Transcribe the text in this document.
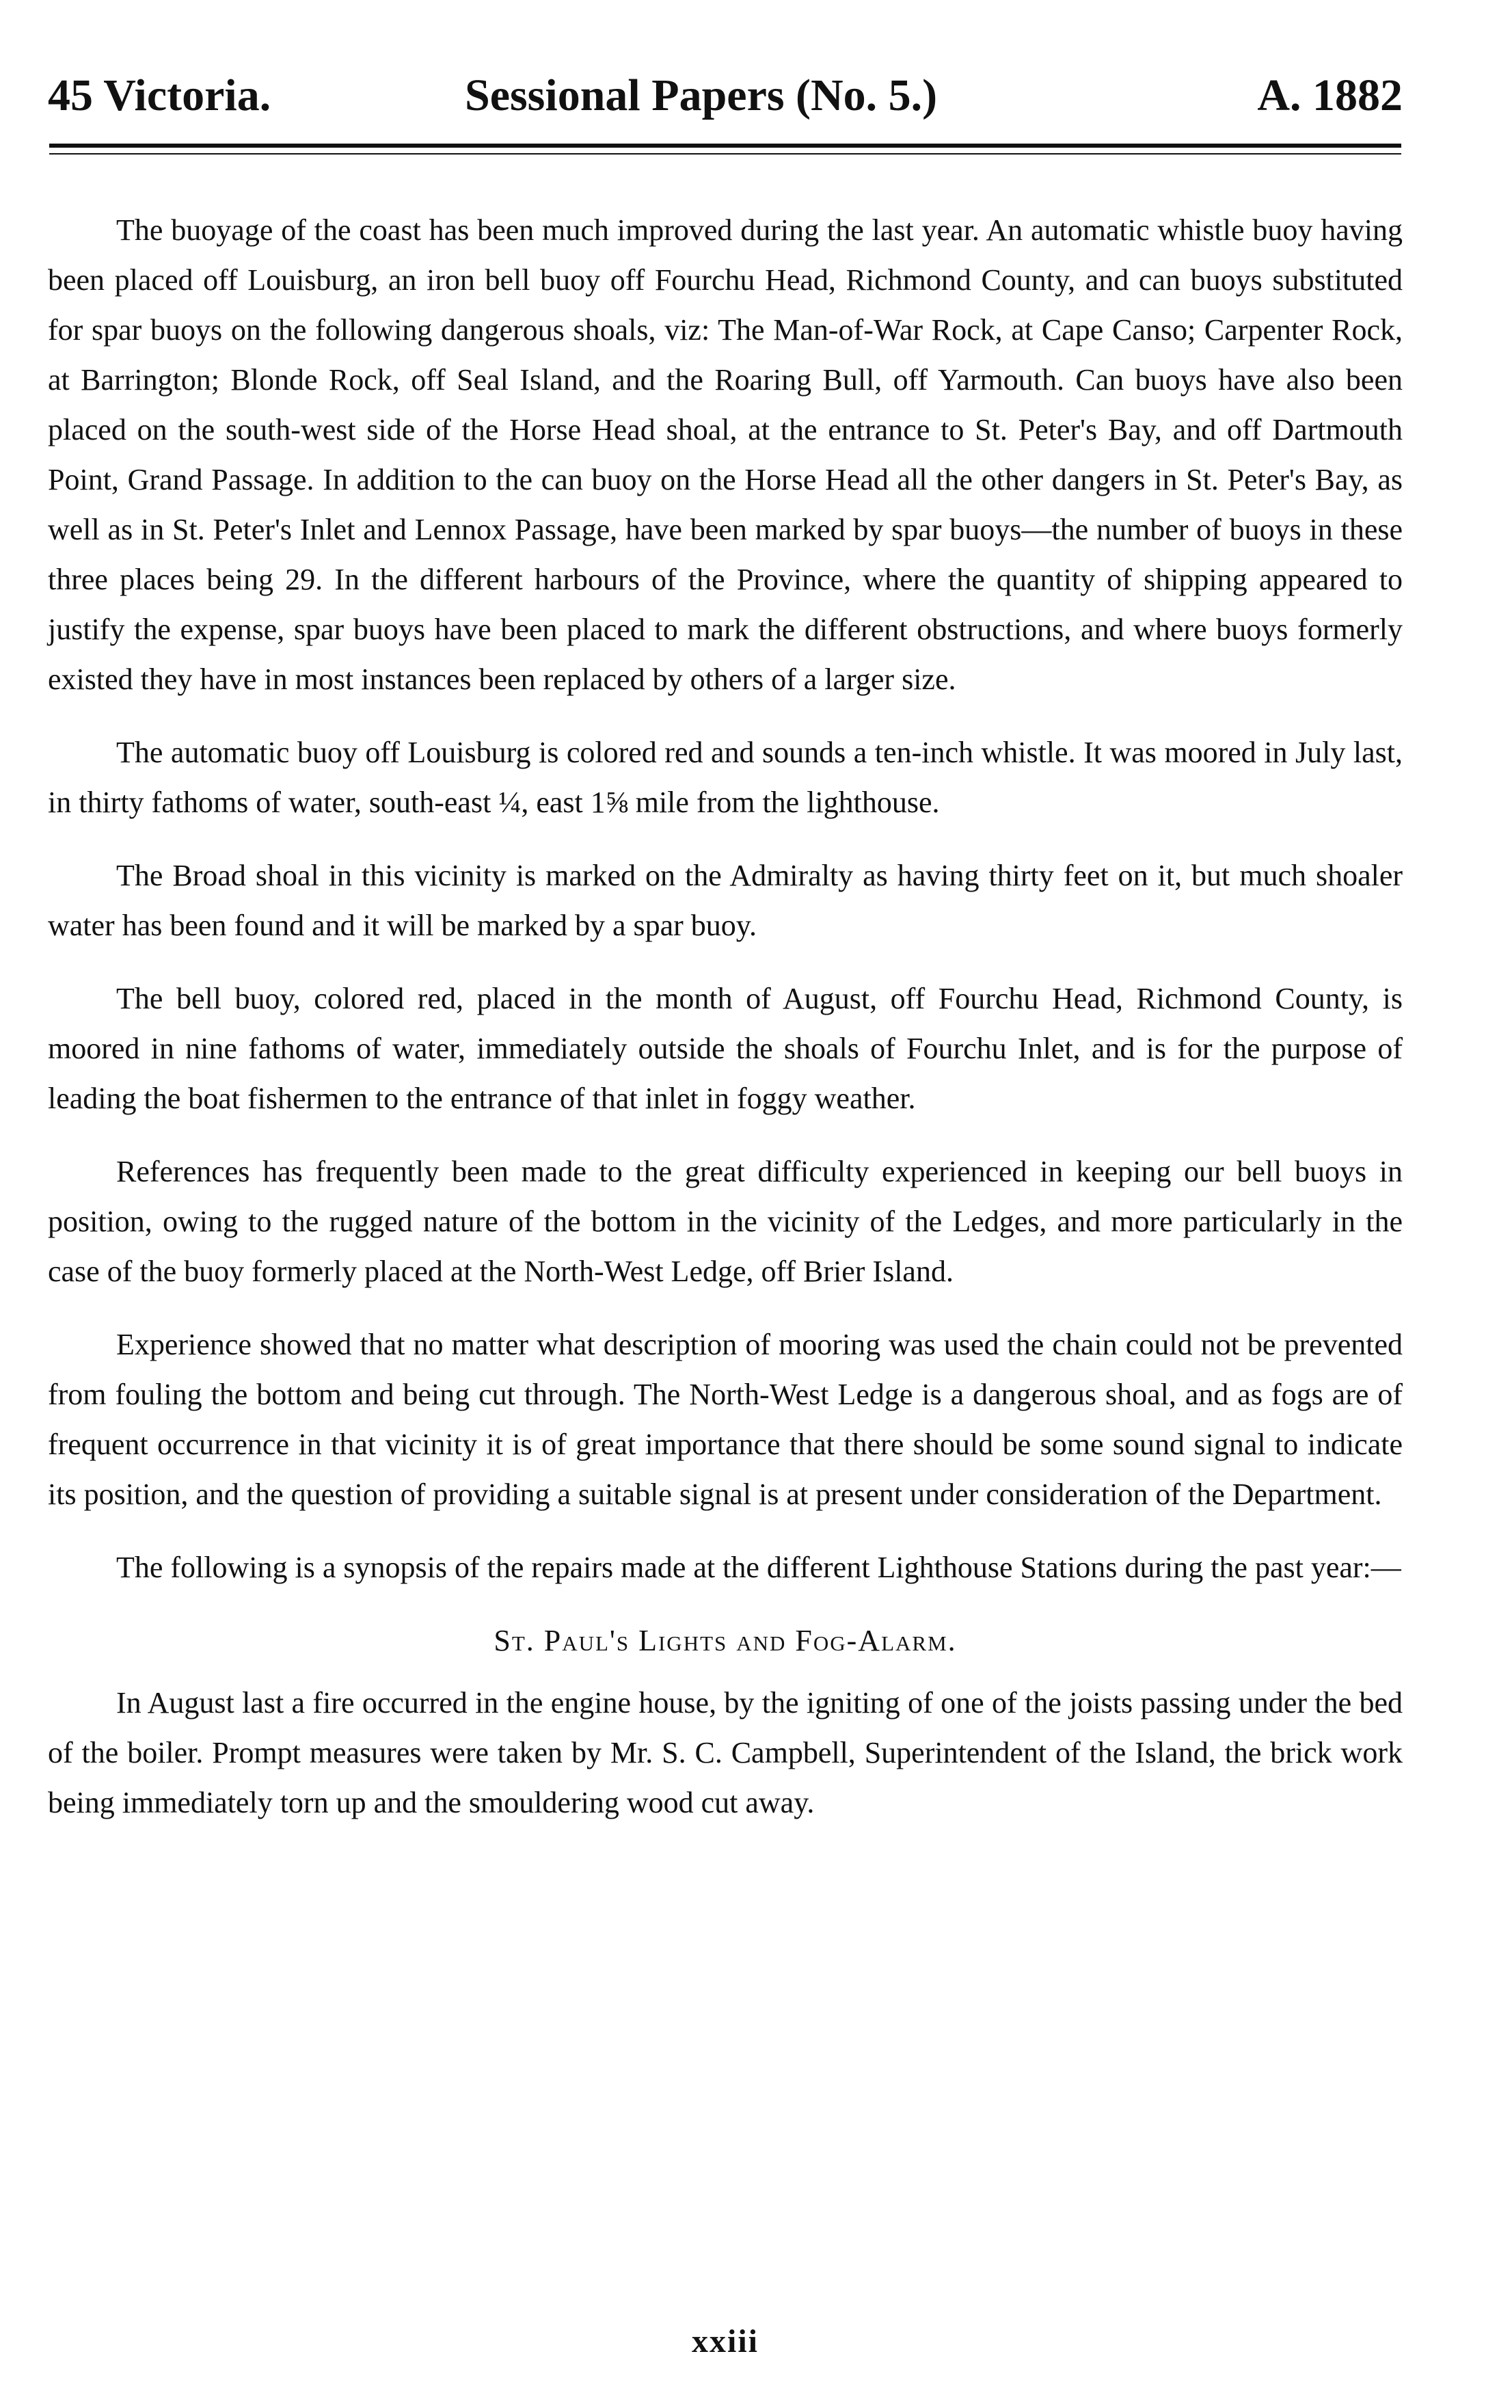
45 Victoria.	Sessional Papers (No. 5.)	A. 1882

The buoyage of the coast has been much improved during the last year. An automatic whistle buoy having been placed off Louisburg, an iron bell buoy off Fourchu Head, Richmond County, and can buoys substituted for spar buoys on the following dangerous shoals, viz: The Man-of-War Rock, at Cape Canso; Carpenter Rock, at Barrington; Blonde Rock, off Seal Island, and the Roaring Bull, off Yarmouth. Can buoys have also been placed on the south-west side of the Horse Head shoal, at the entrance to St. Peter's Bay, and off Dartmouth Point, Grand Passage. In addition to the can buoy on the Horse Head all the other dangers in St. Peter's Bay, as well as in St. Peter's Inlet and Lennox Passage, have been marked by spar buoys—the number of buoys in these three places being 29. In the different harbours of the Province, where the quantity of shipping appeared to justify the expense, spar buoys have been placed to mark the different obstructions, and where buoys formerly existed they have in most instances been replaced by others of a larger size.

The automatic buoy off Louisburg is colored red and sounds a ten-inch whistle. It was moored in July last, in thirty fathoms of water, south-east ¼, east 1⅝ mile from the lighthouse.

The Broad shoal in this vicinity is marked on the Admiralty as having thirty feet on it, but much shoaler water has been found and it will be marked by a spar buoy.

The bell buoy, colored red, placed in the month of August, off Fourchu Head, Richmond County, is moored in nine fathoms of water, immediately outside the shoals of Fourchu Inlet, and is for the purpose of leading the boat fishermen to the entrance of that inlet in foggy weather.

References has frequently been made to the great difficulty experienced in keeping our bell buoys in position, owing to the rugged nature of the bottom in the vicinity of the Ledges, and more particularly in the case of the buoy formerly placed at the North-West Ledge, off Brier Island.

Experience showed that no matter what description of mooring was used the chain could not be prevented from fouling the bottom and being cut through. The North-West Ledge is a dangerous shoal, and as fogs are of frequent occurrence in that vicinity it is of great importance that there should be some sound signal to indicate its position, and the question of providing a suitable signal is at present under consideration of the Department.

The following is a synopsis of the repairs made at the different Lighthouse Stations during the past year:—

St. Paul's Lights and Fog-Alarm.

In August last a fire occurred in the engine house, by the igniting of one of the joists passing under the bed of the boiler. Prompt measures were taken by Mr. S. C. Campbell, Superintendent of the Island, the brick work being immediately torn up and the smouldering wood cut away.

xxiii
